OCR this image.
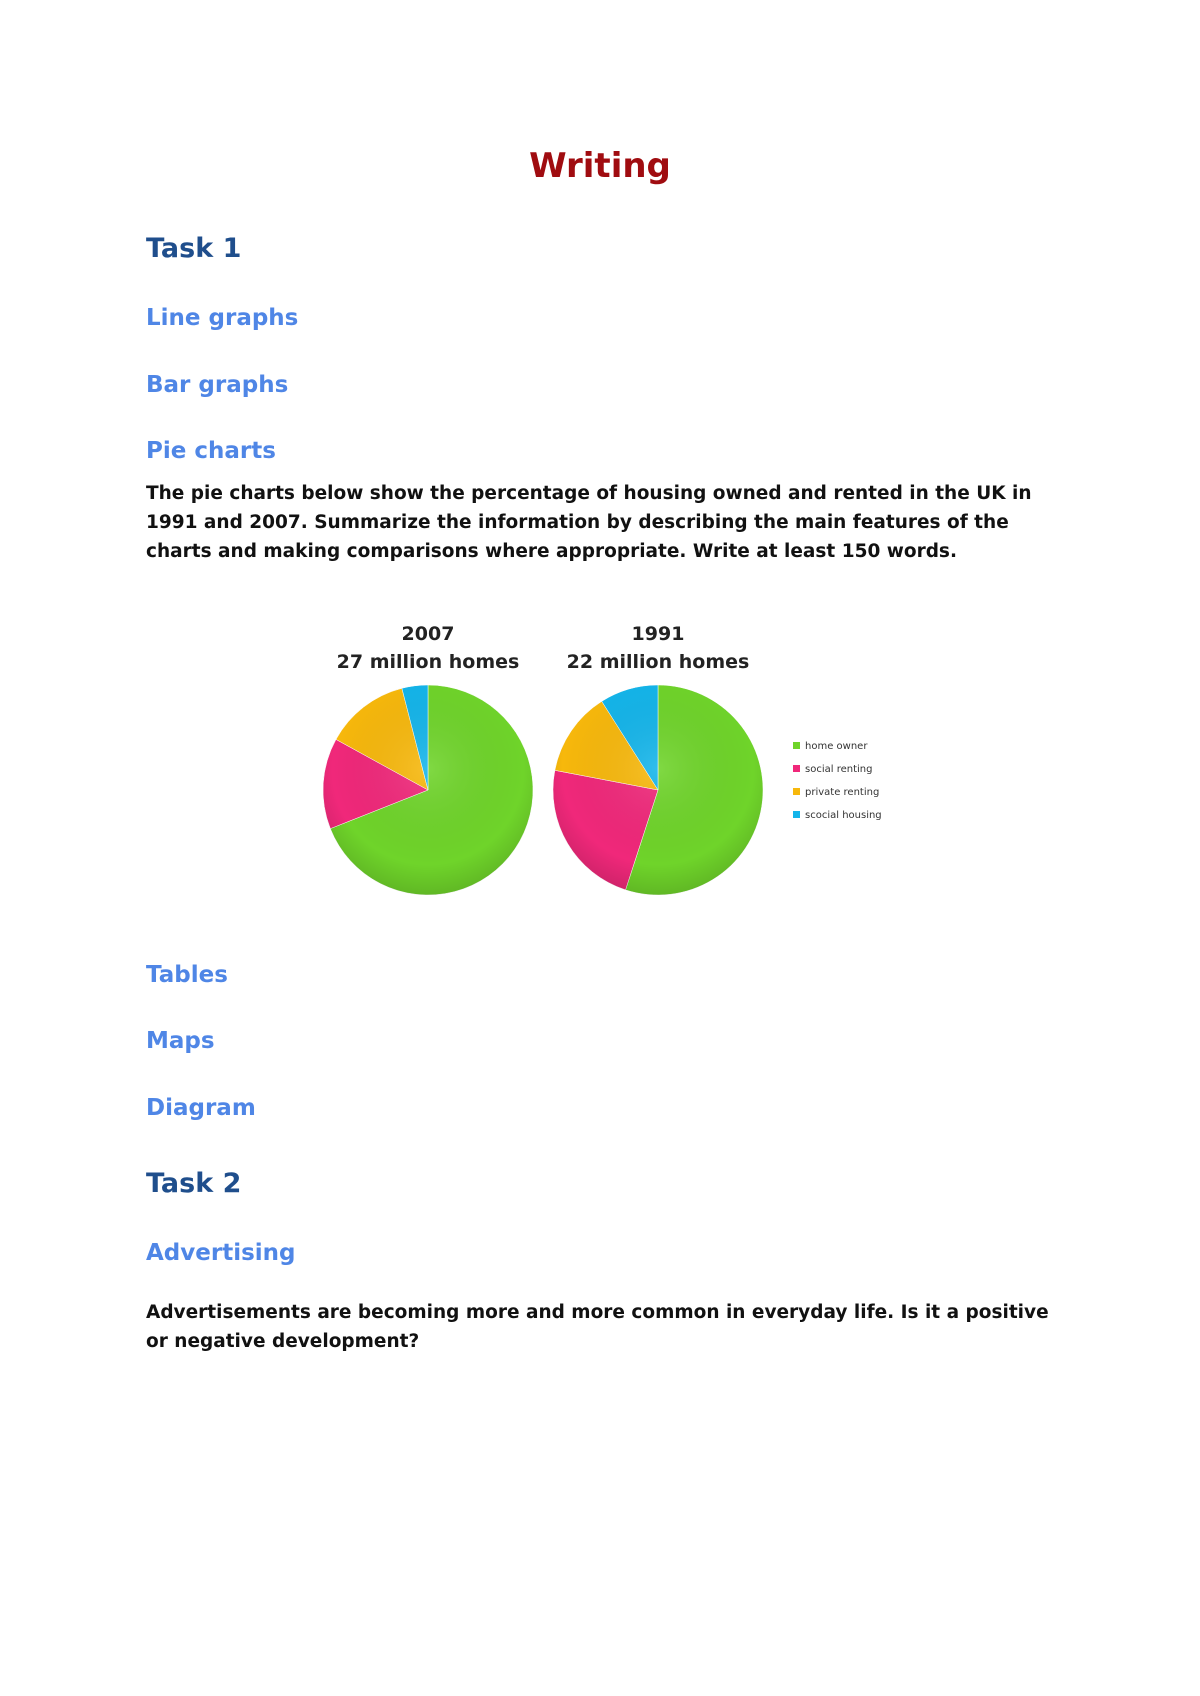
Writing
Task 1
Line graphs
Bar graphs
Pie charts

The pie charts below show the percentage of housing owned and rented in the UK in 1991 and 2007. Summarize the information by describing the main features of the charts and making comparisons where appropriate. Write at least 150 words.

2007
27 million homes
1991
22 million homes
home owner
social renting
private renting
scocial housing
Tables
Maps
Diagram
Task 2
Advertising

Advertisements are becoming more and more common in everyday life. Is it a positive or negative development?
